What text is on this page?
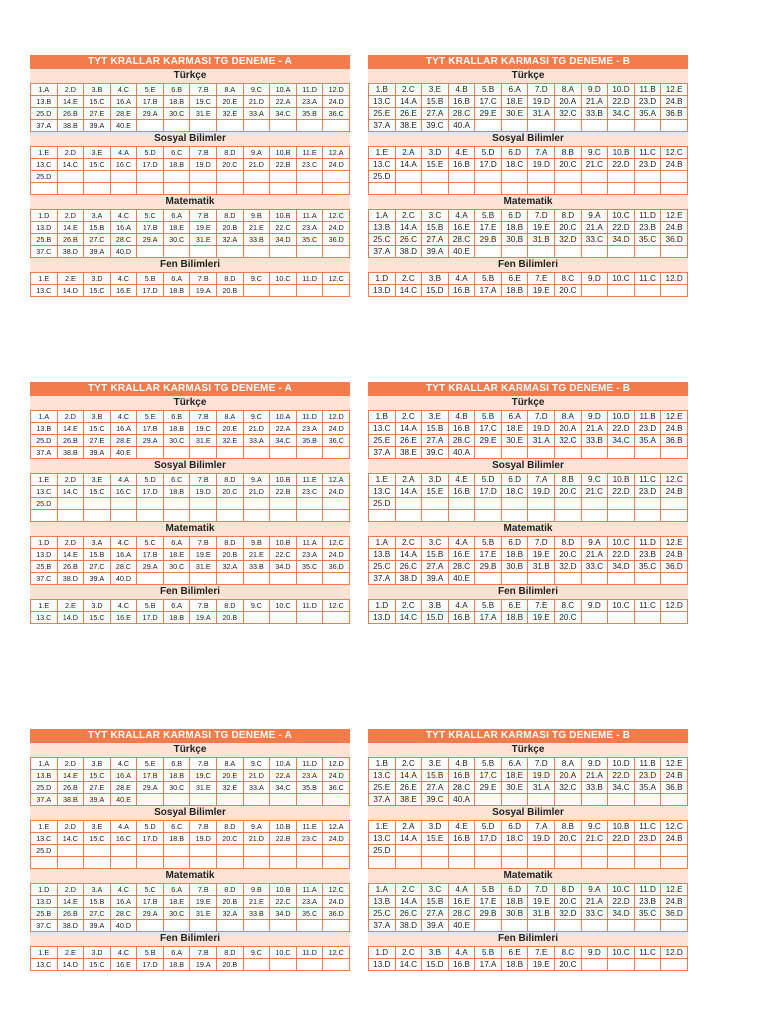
TYT KRALLAR KARMASI TG DENEME - A
Türkçe
1.A	2.D	3.B	4.C	5.E	6.B	7.B	8.A	9.C	10.A	11.D	12.D
13.B	14.E	15.C	16.A	17.B	18.B	19.C	20.E	21.D	22.A	23.A	24.D
25.D	26.B	27.E	28.E	29.A	30.C	31.E	32.E	33.A	34.C	35.B	36.C
37.A	38.B	39.A	40.E								
Sosyal Bilimler
1.E	2.D	3.E	4.A	5.D	6.C	7.B	8.D	9.A	10.B	11.E	12.A
13.C	14.C	15.C	16.C	17.D	18.B	19.D	20.C	21.D	22.B	23.C	24.D
25.D											

Matematik
1.D	2.D	3.A	4.C	5.C	6.A	7.B	8.D	9.B	10.B	11.A	12.C
13.D	14.E	15.B	16.A	17.B	18.E	19.E	20.B	21.E	22.C	23.A	24.D
25.B	26.B	27.C	28.C	29.A	30.C	31.E	32.A	33.B	34.D	35.C	36.D
37.C	38.D	39.A	40.D								
Fen Bilimleri
1.E	2.E	3.D	4.C	5.B	6.A	7.B	8.D	9.C	10.C	11.D	12.C
13.C	14.D	15.C	16.E	17.D	18.B	19.A	20.B				
TYT KRALLAR KARMASI TG DENEME - B
Türkçe
1.B	2.C	3.E	4.B	5.B	6.A	7.D	8.A	9.D	10.D	11.B	12.E
13.C	14.A	15.B	16.B	17.C	18.E	19.D	20.A	21.A	22.D	23.D	24.B
25.E	26.E	27.A	28.C	29.E	30.E	31.A	32.C	33.B	34.C	35.A	36.B
37.A	38.E	39.C	40.A								
Sosyal Bilimler
1.E	2.A	3.D	4.E	5.D	6.D	7.A	8.B	9.C	10.B	11.C	12.C
13.C	14.A	15.E	16.B	17.D	18.C	19.D	20.C	21.C	22.D	23.D	24.B
25.D											

Matematik
1.A	2.C	3.C	4.A	5.B	6.D	7.D	8.D	9.A	10.C	11.D	12.E
13.B	14.A	15.B	16.E	17.E	18.B	19.E	20.C	21.A	22.D	23.B	24.B
25.C	26.C	27.A	28.C	29.B	30.B	31.B	32.D	33.C	34.D	35.C	36.D
37.A	38.D	39.A	40.E								
Fen Bilimleri
1.D	2.C	3.B	4.A	5.B	6.E	7.E	8.C	9.D	10.C	11.C	12.D
13.D	14.C	15.D	16.B	17.A	18.B	19.E	20.C				
TYT KRALLAR KARMASI TG DENEME - A
Türkçe
1.A	2.D	3.B	4.C	5.E	6.B	7.B	8.A	9.C	10.A	11.D	12.D
13.B	14.E	15.C	16.A	17.B	18.B	19.C	20.E	21.D	22.A	23.A	24.D
25.D	26.B	27.E	28.E	29.A	30.C	31.E	32.E	33.A	34.C	35.B	36.C
37.A	38.B	39.A	40.E								
Sosyal Bilimler
1.E	2.D	3.E	4.A	5.D	6.C	7.B	8.D	9.A	10.B	11.E	12.A
13.C	14.C	15.C	16.C	17.D	18.B	19.D	20.C	21.D	22.B	23.C	24.D
25.D											

Matematik
1.D	2.D	3.A	4.C	5.C	6.A	7.B	8.D	9.B	10.B	11.A	12.C
13.D	14.E	15.B	16.A	17.B	18.E	19.E	20.B	21.E	22.C	23.A	24.D
25.B	26.B	27.C	28.C	29.A	30.C	31.E	32.A	33.B	34.D	35.C	36.D
37.C	38.D	39.A	40.D								
Fen Bilimleri
1.E	2.E	3.D	4.C	5.B	6.A	7.B	8.D	9.C	10.C	11.D	12.C
13.C	14.D	15.C	16.E	17.D	18.B	19.A	20.B				
TYT KRALLAR KARMASI TG DENEME - B
Türkçe
1.B	2.C	3.E	4.B	5.B	6.A	7.D	8.A	9.D	10.D	11.B	12.E
13.C	14.A	15.B	16.B	17.C	18.E	19.D	20.A	21.A	22.D	23.D	24.B
25.E	26.E	27.A	28.C	29.E	30.E	31.A	32.C	33.B	34.C	35.A	36.B
37.A	38.E	39.C	40.A								
Sosyal Bilimler
1.E	2.A	3.D	4.E	5.D	6.D	7.A	8.B	9.C	10.B	11.C	12.C
13.C	14.A	15.E	16.B	17.D	18.C	19.D	20.C	21.C	22.D	23.D	24.B
25.D											

Matematik
1.A	2.C	3.C	4.A	5.B	6.D	7.D	8.D	9.A	10.C	11.D	12.E
13.B	14.A	15.B	16.E	17.E	18.B	19.E	20.C	21.A	22.D	23.B	24.B
25.C	26.C	27.A	28.C	29.B	30.B	31.B	32.D	33.C	34.D	35.C	36.D
37.A	38.D	39.A	40.E								
Fen Bilimleri
1.D	2.C	3.B	4.A	5.B	6.E	7.E	8.C	9.D	10.C	11.C	12.D
13.D	14.C	15.D	16.B	17.A	18.B	19.E	20.C				
TYT KRALLAR KARMASI TG DENEME - A
Türkçe
1.A	2.D	3.B	4.C	5.E	6.B	7.B	8.A	9.C	10.A	11.D	12.D
13.B	14.E	15.C	16.A	17.B	18.B	19.C	20.E	21.D	22.A	23.A	24.D
25.D	26.B	27.E	28.E	29.A	30.C	31.E	32.E	33.A	34.C	35.B	36.C
37.A	38.B	39.A	40.E								
Sosyal Bilimler
1.E	2.D	3.E	4.A	5.D	6.C	7.B	8.D	9.A	10.B	11.E	12.A
13.C	14.C	15.C	16.C	17.D	18.B	19.D	20.C	21.D	22.B	23.C	24.D
25.D											

Matematik
1.D	2.D	3.A	4.C	5.C	6.A	7.B	8.D	9.B	10.B	11.A	12.C
13.D	14.E	15.B	16.A	17.B	18.E	19.E	20.B	21.E	22.C	23.A	24.D
25.B	26.B	27.C	28.C	29.A	30.C	31.E	32.A	33.B	34.D	35.C	36.D
37.C	38.D	39.A	40.D								
Fen Bilimleri
1.E	2.E	3.D	4.C	5.B	6.A	7.B	8.D	9.C	10.C	11.D	12.C
13.C	14.D	15.C	16.E	17.D	18.B	19.A	20.B				
TYT KRALLAR KARMASI TG DENEME - B
Türkçe
1.B	2.C	3.E	4.B	5.B	6.A	7.D	8.A	9.D	10.D	11.B	12.E
13.C	14.A	15.B	16.B	17.C	18.E	19.D	20.A	21.A	22.D	23.D	24.B
25.E	26.E	27.A	28.C	29.E	30.E	31.A	32.C	33.B	34.C	35.A	36.B
37.A	38.E	39.C	40.A								
Sosyal Bilimler
1.E	2.A	3.D	4.E	5.D	6.D	7.A	8.B	9.C	10.B	11.C	12.C
13.C	14.A	15.E	16.B	17.D	18.C	19.D	20.C	21.C	22.D	23.D	24.B
25.D											

Matematik
1.A	2.C	3.C	4.A	5.B	6.D	7.D	8.D	9.A	10.C	11.D	12.E
13.B	14.A	15.B	16.E	17.E	18.B	19.E	20.C	21.A	22.D	23.B	24.B
25.C	26.C	27.A	28.C	29.B	30.B	31.B	32.D	33.C	34.D	35.C	36.D
37.A	38.D	39.A	40.E								
Fen Bilimleri
1.D	2.C	3.B	4.A	5.B	6.E	7.E	8.C	9.D	10.C	11.C	12.D
13.D	14.C	15.D	16.B	17.A	18.B	19.E	20.C				
